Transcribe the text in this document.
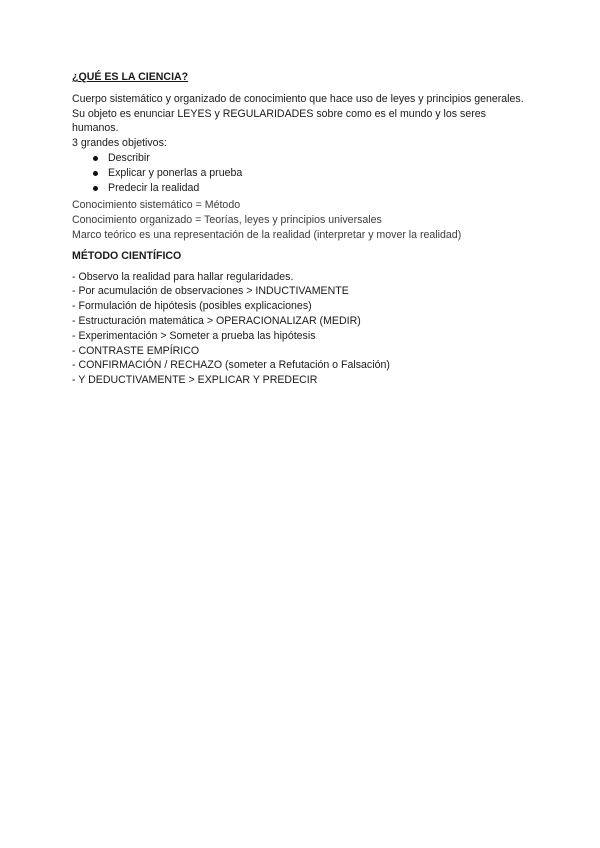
¿QUÉ ES LA CIENCIA?

Cuerpo sistemático y organizado de conocimiento que hace uso de leyes y principios generales.

Su objeto es enunciar LEYES y REGULARIDADES sobre como es el mundo y los seres humanos.

3 grandes objetivos:

Describir
Explicar y ponerlas a prueba
Predecir la realidad

Conocimiento sistemático = Método

Conocimiento organizado = Teorías, leyes y principios universales

Marco teórico es una representación de la realidad (interpretar y mover la realidad)

MÉTODO CIENTÍFICO

- Observo la realidad para hallar regularidades.

- Por acumulación de observaciones > INDUCTIVAMENTE

- Formulación de hipótesis (posibles explicaciones)

- Estructuración matemática > OPERACIONALIZAR (MEDIR)

- Experimentación > Someter a prueba las hipótesis

- CONTRASTE EMPÍRICO

- CONFIRMACIÓN / RECHAZO (someter a Refutación o Falsación)

- Y DEDUCTIVAMENTE > EXPLICAR Y PREDECIR
